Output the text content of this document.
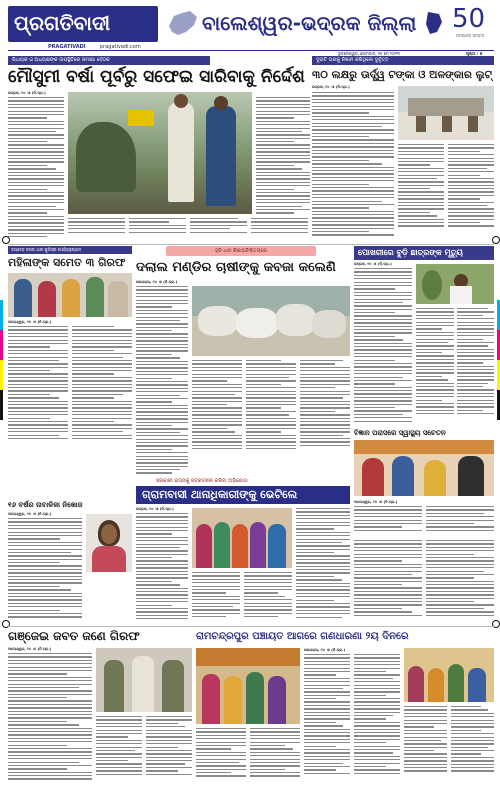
ପ୍ରଗତିବାଦୀ
PRAGATIVADI	pragativadi.com
ବାଲେଶ୍ୱର-ଭଦ୍ରକ ଜିଲ୍ଲା	50
ସମ୍ପାଦକ ସମ୍ବାଦ
ଭୁବନେଶ୍ୱର, ସୋମବାର, ୧୫ ମେ ୨୦୨୩	ପୃଷ୍ଠା : ୭
ବିଧାୟକ ଓ ଅଧ୍ୟକ୍ଷଙ୍କ ଉପସ୍ଥିତିରେ ସମୀକ୍ଷା ବୈଠକ
ମୌସୁମୀ ବର୍ଷା ପୂର୍ବରୁ ସଫେଇ ସାରିବାକୁ ନିର୍ଦ୍ଦେଶ
ଭଦ୍ରକ, ୧୪ ।୫ (ନି.ପ୍ର.)
ଦୁଇଟି ଘରକୁ ନିଶାନ କରିଥିଲେ ଦୁର୍ବୃତ୍ତ
୩୦ ଲକ୍ଷରୁ ଊର୍ଦ୍ଧ୍ୱ ଟଙ୍କା ଓ ଅଳଙ୍କାର ଲୁଟ୍
ଭଦ୍ରକ, ୧୪ ।୫ (ନି.ପ୍ର.)
ଜୟଦେବ ନଗର ଥାନା ପୁଲିସ୍‌ର କାର୍ଯ୍ୟାନୁଷ୍ଠାନ
ମହିଳାଙ୍କ ସମେତ ୩ ଗିରଫ
ବାଲେଶ୍ୱର, ୧୪ ।୫ (ନି.ପ୍ର.)
୧୬ ବର୍ଷର ନାବାଳିକା ନିଖୋଜ
ବାଲେଶ୍ୱର, ୧୪ ।୫ (ନି.ପ୍ର.)
ହରି ଧାନ କିଣାଅନିଶ୍ଚିତତାରେ
ଦଲାଲ ମଣ୍ଡିର ଚାଷୀଙ୍କୁ କବଜା କଲେଣି
ଭୋଗରାଇ, ୧୪ ।୫ (ନି.ପ୍ର.)
ପୋଖରୀରେ ବୁଡ଼ି ଛାତ୍ରଙ୍କ ମୃତ୍ୟୁ
ଭଦ୍ରକ, ୧୪ ।୫ (ନି.ପ୍ର.)
ବିଜ୍ଞାନ ପରାସରେ ସ୍ୱାସ୍ଥ୍ୟ ସଚେତନ
ବାଲେଶ୍ୱର, ୧୪ ।୫ (ନି.ପ୍ର.)
ସରକାରୀ ରାସ୍ତାକୁ ଜବରଦଖଲ କରିବା ଅଭିଯୋଗ
ଗ୍ରାମବାସୀ ଥାନାଧିକାରୀଙ୍କୁ ଭେଟିଲେ
ଭଦ୍ରକ, ୧୪ ।୫ (ନି.ପ୍ର.)
ଗଞ୍ଜେଇ ଜବତ ଜଣେ ଗିରଫ
ବାଲେଶ୍ୱର, ୧୪ ।୫ (ନି.ପ୍ର.)
ରାମଚନ୍ଦ୍ରପୁର ପଞ୍ଚାୟତ ଆଗରେ ଗଣଧାରଣା ୨ୟ ଦିନରେ
ଭୋଗରାଇ, ୧୪ ।୫ (ନି.ପ୍ର.)
